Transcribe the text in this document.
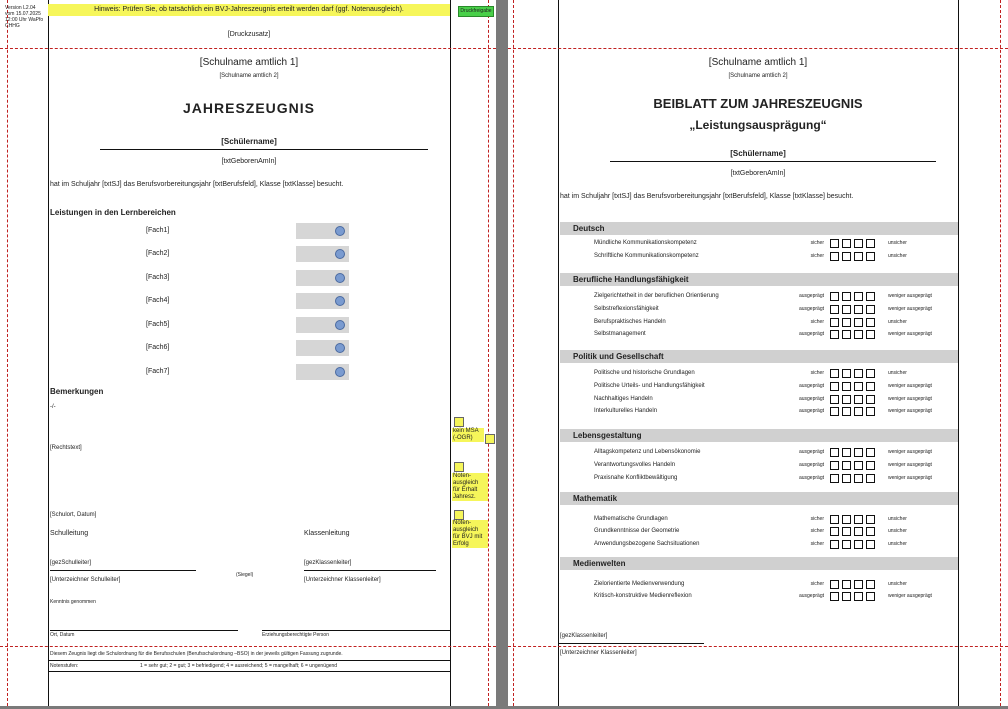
Version L2.04 vom 15.07.2025 12:00 Uhr WaPfo CHHG
Hinweis: Prüfen Sie, ob tatsächlich ein BVJ-Jahreszeugnis erteilt werden darf (ggf. Notenausgleich).	Druckfreigabe
[Druckzusatz]
[Schulname amtlich 1]
[Schulname amtlich 2]
JAHRESZEUGNIS
[Schülername]
[txtGeborenAmIn]
hat im Schuljahr [txtSJ] das Berufsvorbereitungsjahr [txtBerufsfeld], Klasse [txtKlasse] besucht.
Leistungen in den Lernbereichen
[Fach1]
[Fach2]
[Fach3]
[Fach4]
[Fach5]
[Fach6]
[Fach7]
Bemerkungen
-/-
[Rechtstext]
kein MSA (-OGR)
Noten-ausgleich für Erhalt Jahresz.
Noten-ausgleich für BVJ mit Erfolg
[Schulort, Datum]
Schulleitung	Klassenleitung
[gezSchulleiter]	[gezKlassenleiter]
(Siegel)
[Unterzeichner Schulleiter]	[Unterzeichner Klassenleiter]
Kenntnis genommen
Ort, Datum	Erziehungsberechtigte Person
Diesem Zeugnis liegt die Schulordnung für die Berufsschulen (Berufsschulordnung –BSO) in der jeweils gültigen Fassung zugrunde.
Notenstufen:	1 = sehr gut; 2 = gut; 3 = befriedigend; 4 = ausreichend; 5 = mangelhaft; 6 = ungenügend
[Schulname amtlich 1]
[Schulname amtlich 2]
BEIBLATT ZUM JAHRESZEUGNIS
„Leistungsausprägung“
[Schülername]
[txtGeborenAmIn]
hat im Schuljahr [txtSJ] das Berufsvorbereitungsjahr [txtBerufsfeld], Klasse [txtKlasse] besucht.
Deutsch
Mündliche Kommunikationskompetenz	sicher	unsicher
Schriftliche Kommunikationskompetenz	sicher	unsicher
Berufliche Handlungsfähigkeit
Zielgerichtetheit in der beruflichen Orientierung	ausgeprägt	weniger ausgeprägt
Selbstreflexionsfähigkeit	ausgeprägt	weniger ausgeprägt
Berufspraktisches Handeln	sicher	unsicher
Selbstmanagement	ausgeprägt	weniger ausgeprägt
Politik und Gesellschaft
Politische und historische Grundlagen	sicher	unsicher
Politische Urteils- und Handlungsfähigkeit	ausgeprägt	weniger ausgeprägt
Nachhaltiges Handeln	ausgeprägt	weniger ausgeprägt
Interkulturelles Handeln	ausgeprägt	weniger ausgeprägt
Lebensgestaltung
Alltagskompetenz und Lebensökonomie	ausgeprägt	weniger ausgeprägt
Verantwortungsvolles Handeln	ausgeprägt	weniger ausgeprägt
Praxisnahe Konfliktbewältigung	ausgeprägt	weniger ausgeprägt
Mathematik
Mathematische Grundlagen	sicher	unsicher
Grundkenntnisse der Geometrie	sicher	unsicher
Anwendungsbezogene Sachsituationen	sicher	unsicher
Medienwelten
Zielorientierte Medienverwendung	sicher	unsicher
Kritisch-konstruktive Medienreflexion	ausgeprägt	weniger ausgeprägt
[gezKlassenleiter]
[Unterzeichner Klassenleiter]
